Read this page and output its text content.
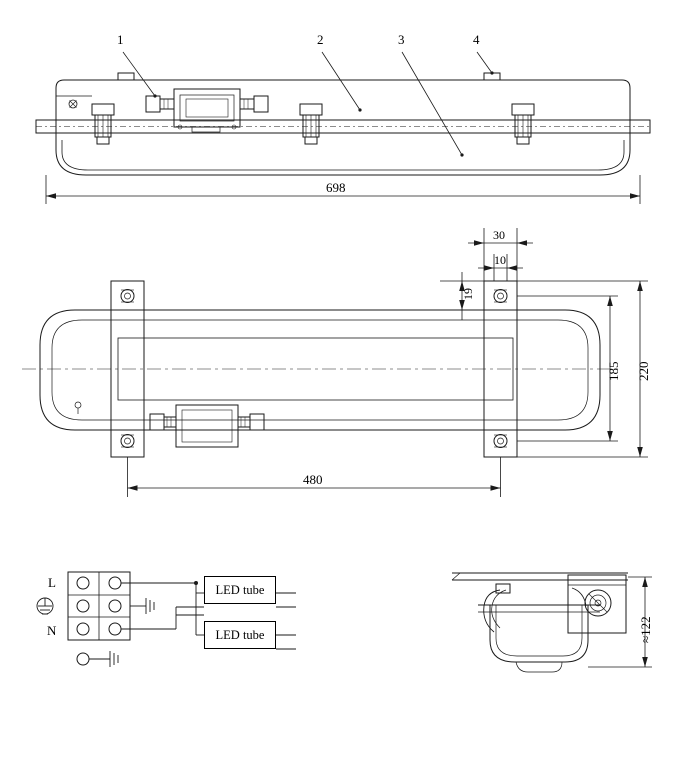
1	2	3	4
698
30
10
19
185 220
480
L
N
LED tube
LED tube	≈122
